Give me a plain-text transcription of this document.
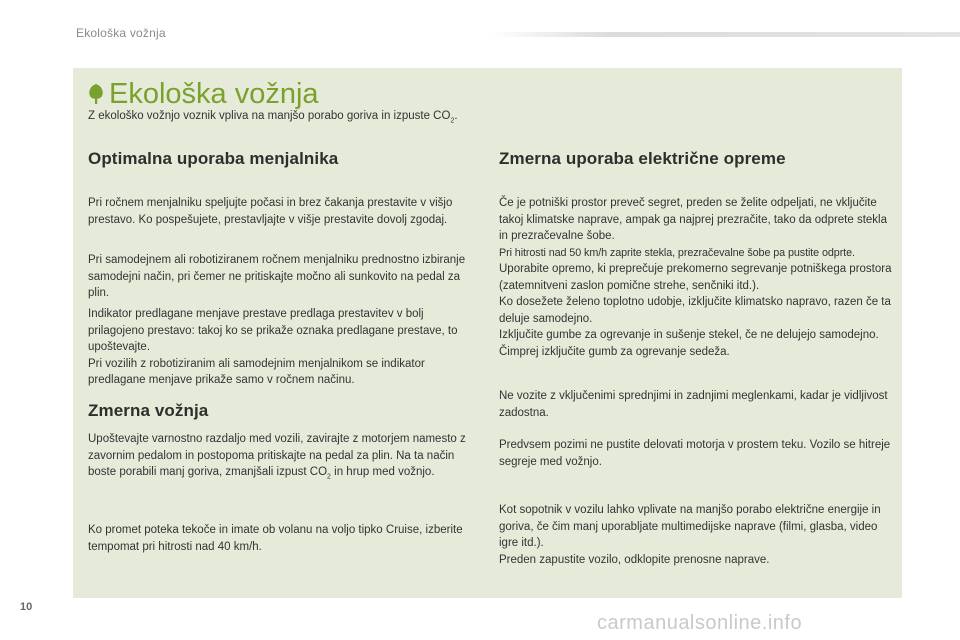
Ekološka vožnja
Ekološka vožnja
Z ekološko vožnjo voznik vpliva na manjšo porabo goriva in izpuste $CO_2$.
Optimalna uporaba menjalnika

Pri ročnem menjalniku speljujte počasi in brez čakanja prestavite v višjo prestavo. Ko pospešujete, prestavljajte v višje prestavite dovolj zgodaj.

Pri samodejnem ali robotiziranem ročnem menjalniku prednostno izbiranje samodejni način, pri čemer ne pritiskajte močno ali sunkovito na pedal za plin.

Indikator predlagane menjave prestave predlaga prestavitev v bolj prilagojeno prestavo: takoj ko se prikaže oznaka predlagane prestave, to upoštevajte.
Pri vozilih z robotiziranim ali samodejnim menjalnikom se indikator predlagane menjave prikaže samo v ročnem načinu.

Zmerna vožnja

Upoštevajte varnostno razdaljo med vozili, zavirajte z motorjem namesto z zavornim pedalom in postopoma pritiskajte na pedal za plin. Na ta način boste porabili manj goriva, zmanjšali izpust $CO_2$ in hrup med vožnjo.

Ko promet poteka tekoče in imate ob volanu na voljo tipko Cruise, izberite tempomat pri hitrosti nad 40 km/h.

Zmerna uporaba električne opreme

Če je potniški prostor preveč segret, preden se želite odpeljati, ne vključite takoj klimatske naprave, ampak ga najprej prezračite, tako da odprete stekla in prezračevalne šobe.
Pri hitrosti nad 50 km/h zaprite stekla, prezračevalne šobe pa pustite odprte.
Uporabite opremo, ki preprečuje prekomerno segrevanje potniškega prostora (zatemnitveni zaslon pomične strehe, senčniki itd.).
Ko dosežete želeno toplotno udobje, izključite klimatsko napravo, razen če ta deluje samodejno.
Izključite gumbe za ogrevanje in sušenje stekel, če ne delujejo samodejno.
Čimprej izključite gumb za ogrevanje sedeža.

Ne vozite z vključenimi sprednjimi in zadnjimi meglenkami, kadar je vidljivost zadostna.

Predvsem pozimi ne pustite delovati motorja v prostem teku. Vozilo se hitreje segreje med vožnjo.

Kot sopotnik v vozilu lahko vplivate na manjšo porabo električne energije in goriva, če čim manj uporabljate multimedijske naprave (filmi, glasba, video igre itd.).
Preden zapustite vozilo, odklopite prenosne naprave.

10
carmanualsonline.info
